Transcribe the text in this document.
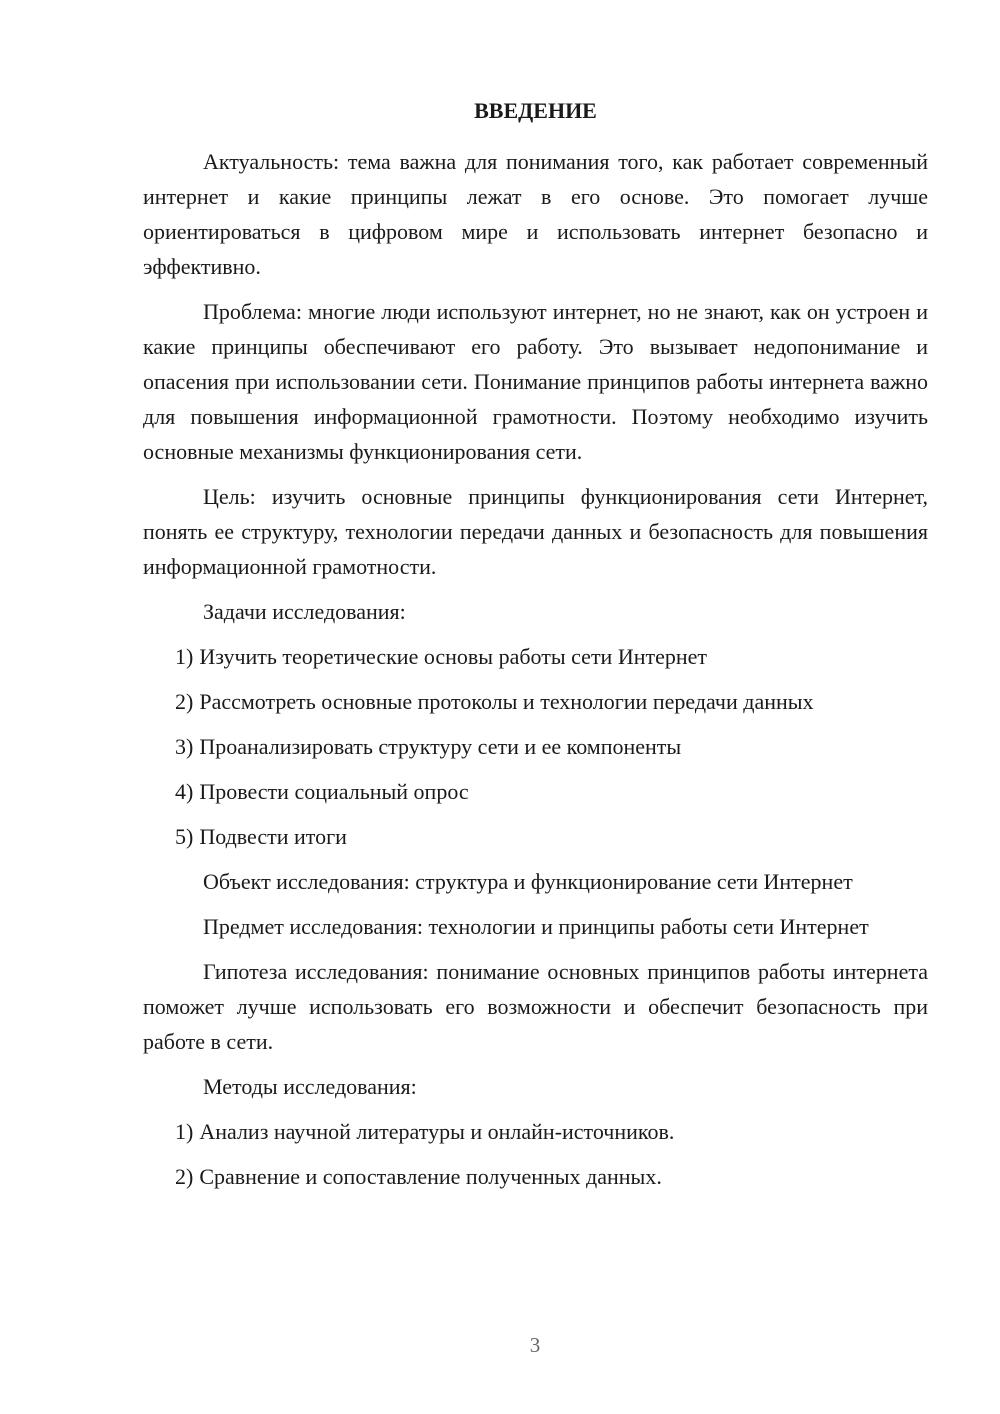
ВВЕДЕНИЕ

Актуальность: тема важна для понимания того, как работает современный интернет и какие принципы лежат в его основе. Это помогает лучше ориентироваться в цифровом мире и использовать интернет безопасно и эффективно.

Проблема: многие люди используют интернет, но не знают, как он устроен и какие принципы обеспечивают его работу. Это вызывает недопонимание и опасения при использовании сети. Понимание принципов работы интернета важно для повышения информационной грамотности. Поэтому необходимо изучить основные механизмы функционирования сети.

Цель: изучить основные принципы функционирования сети Интернет, понять ее структуру, технологии передачи данных и безопасность для повышения информационной грамотности.

Задачи исследования:

1) Изучить теоретические основы работы сети Интернет
2) Рассмотреть основные протоколы и технологии передачи данных
3) Проанализировать структуру сети и ее компоненты
4) Провести социальный опрос
5) Подвести итоги

Объект исследования: структура и функционирование сети Интернет

Предмет исследования: технологии и принципы работы сети Интернет

Гипотеза исследования: понимание основных принципов работы интернета поможет лучше использовать его возможности и обеспечит безопасность при работе в сети.

Методы исследования:

1) Анализ научной литературы и онлайн-источников.
2) Сравнение и сопоставление полученных данных.
3
